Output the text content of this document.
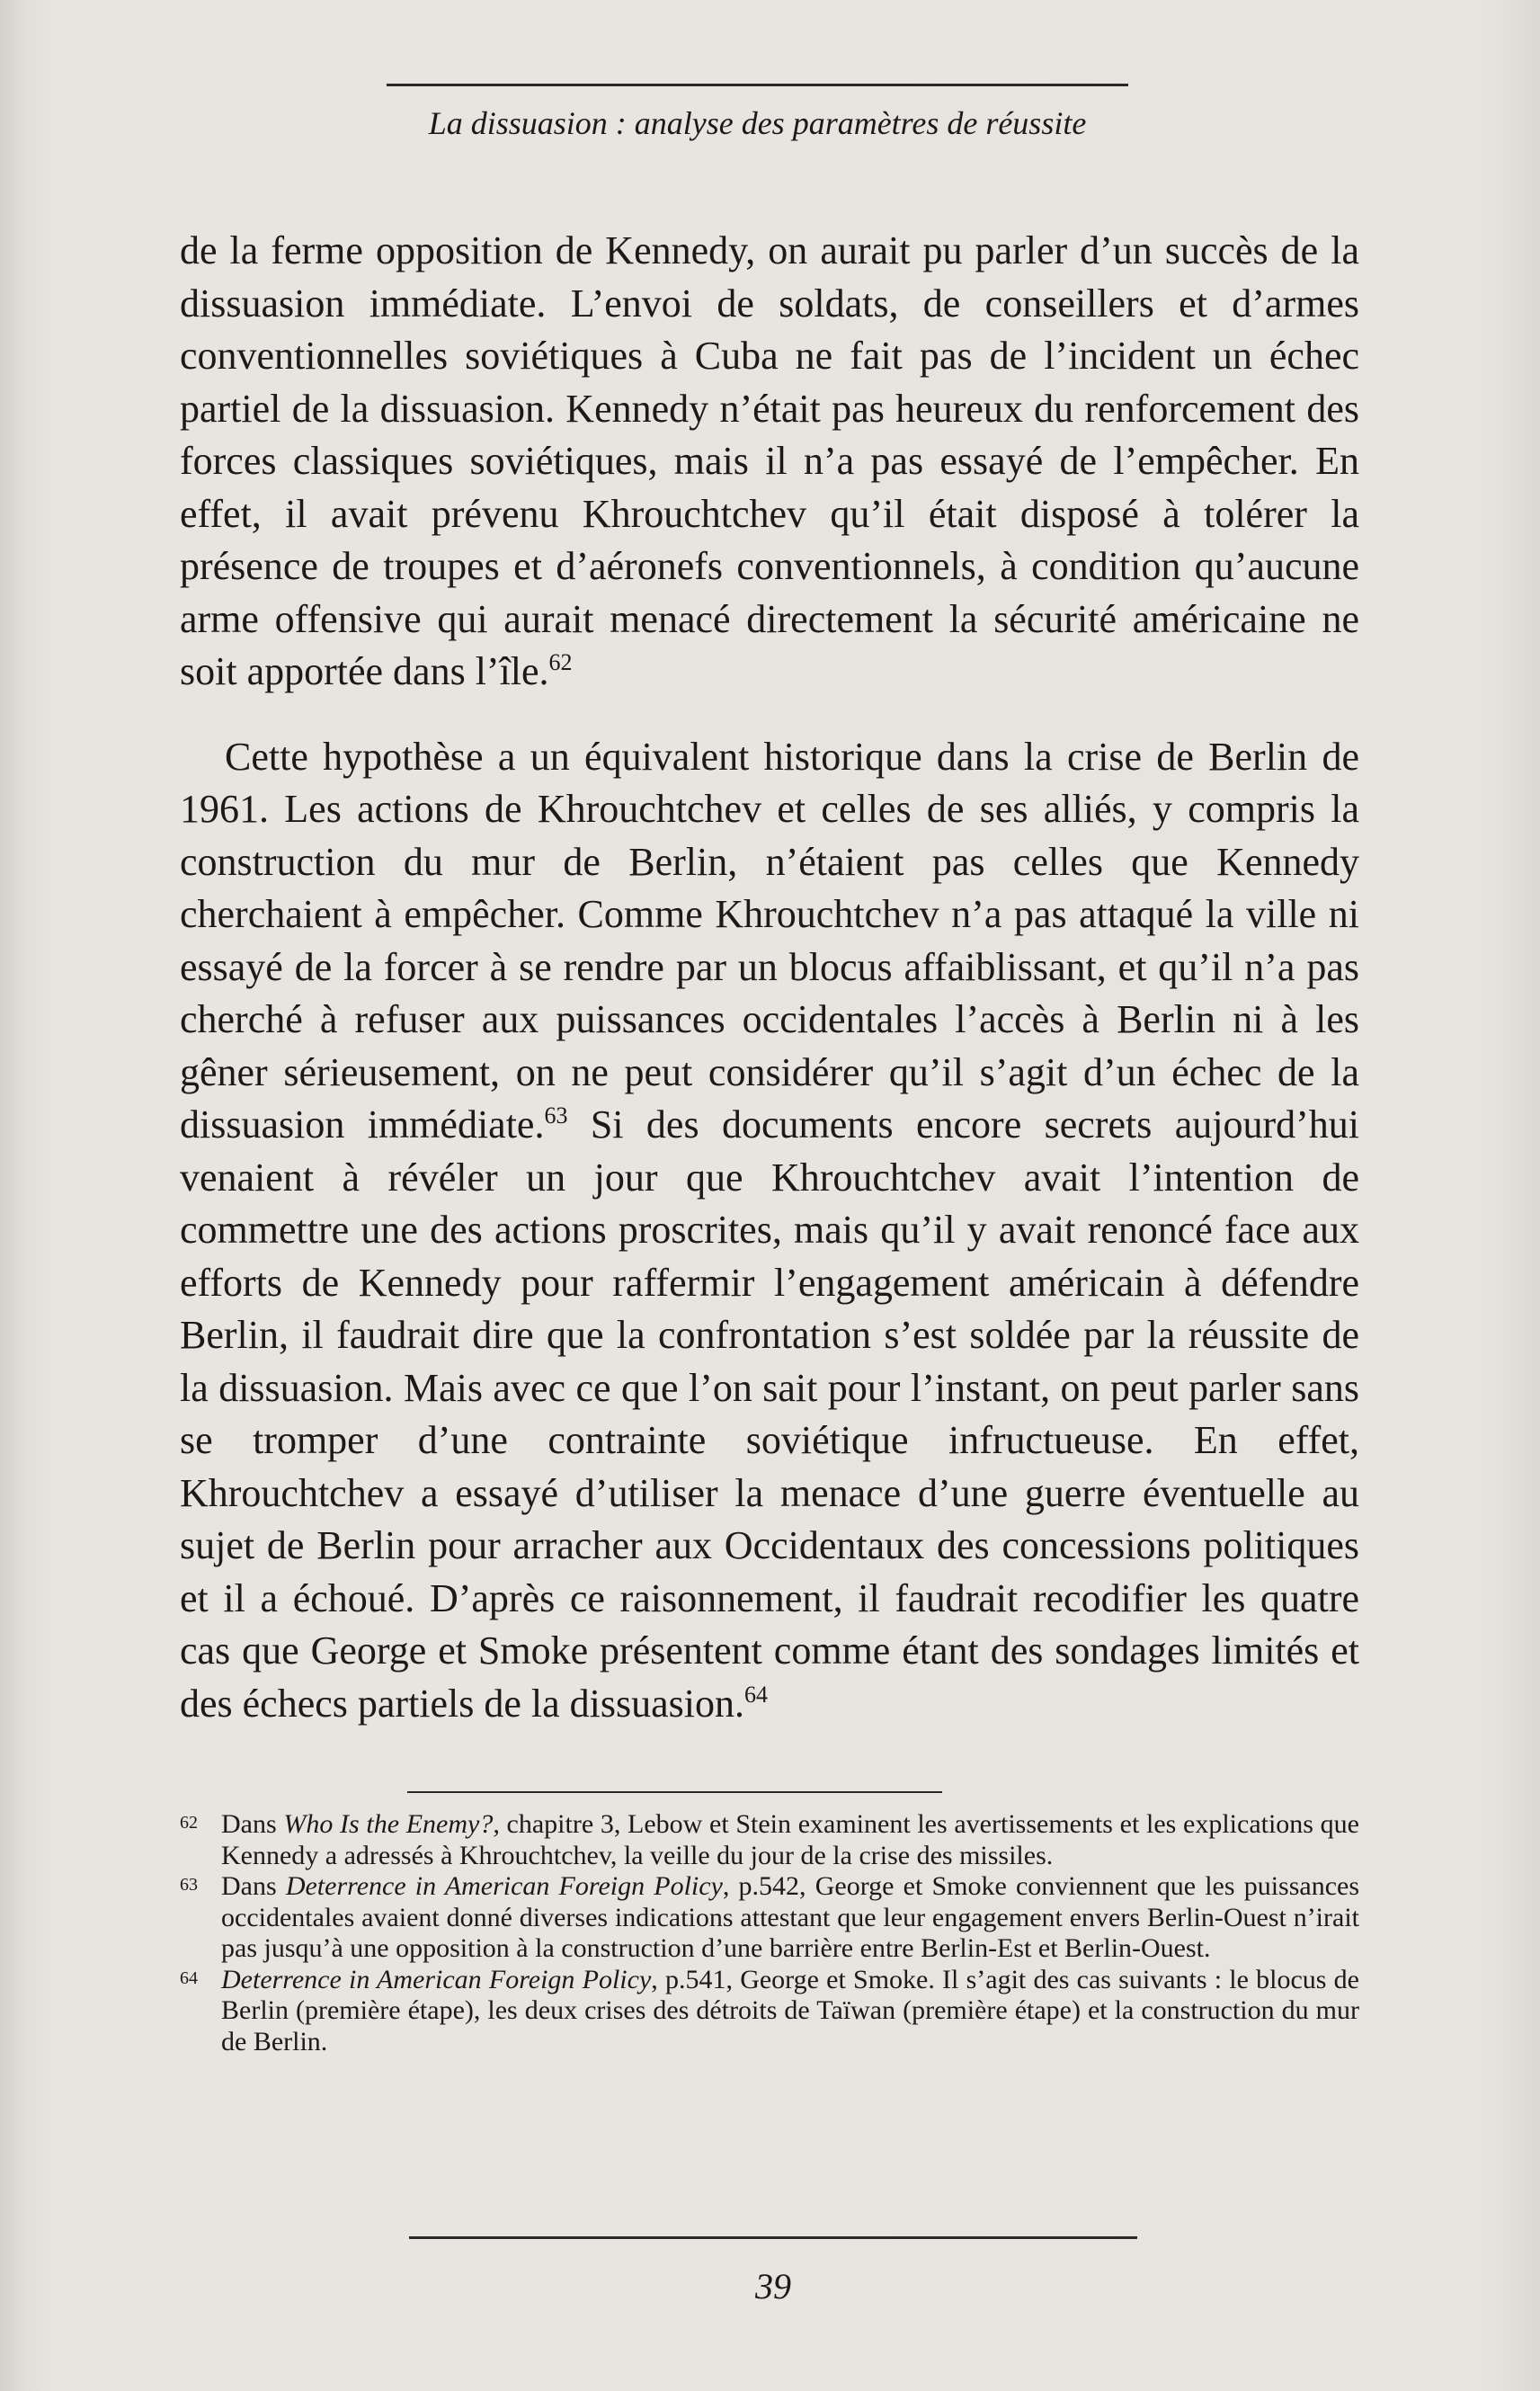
La dissuasion : analyse des paramètres de réussite

de la ferme opposition de Kennedy, on aurait pu parler d’un succès de la dissuasion immédiate. L’envoi de soldats, de conseillers et d’armes conventionnelles soviétiques à Cuba ne fait pas de l’incident un échec partiel de la dissuasion. Kennedy n’était pas heureux du renforcement des forces classiques soviétiques, mais il n’a pas essayé de l’empêcher. En effet, il avait prévenu Khrouchtchev qu’il était disposé à tolérer la présence de troupes et d’aéronefs conventionnels, à condition qu’aucune arme offensive qui aurait menacé directement la sécurité américaine ne soit apportée dans l’île.$^{62}$

Cette hypothèse a un équivalent historique dans la crise de Berlin de 1961. Les actions de Khrouchtchev et celles de ses alliés, y compris la construction du mur de Berlin, n’étaient pas celles que Kennedy cherchaient à empêcher. Comme Khrouchtchev n’a pas attaqué la ville ni essayé de la forcer à se rendre par un blocus affaiblissant, et qu’il n’a pas cherché à refuser aux puissances occidentales l’accès à Berlin ni à les gêner sérieusement, on ne peut considérer qu’il s’agit d’un échec de la dissuasion immédiate.$^{63}$ Si des documents encore secrets aujourd’hui venaient à révéler un jour que Khrouchtchev avait l’intention de commettre une des actions proscrites, mais qu’il y avait renoncé face aux efforts de Kennedy pour raffermir l’engagement américain à défendre Berlin, il faudrait dire que la confrontation s’est soldée par la réussite de la dissuasion. Mais avec ce que l’on sait pour l’instant, on peut parler sans se tromper d’une contrainte soviétique infructueuse. En effet, Khrouchtchev a essayé d’utiliser la menace d’une guerre éventuelle au sujet de Berlin pour arracher aux Occidentaux des concessions politiques et il a échoué. D’après ce raisonnement, il faudrait recodifier les quatre cas que George et Smoke présentent comme étant des sondages limités et des échecs partiels de la dissuasion.$^{64}$

62 Dans Who Is the Enemy?, chapitre 3, Lebow et Stein examinent les avertissements et les explications que Kennedy a adressés à Khrouchtchev, la veille du jour de la crise des missiles.
63 Dans Deterrence in American Foreign Policy, p.542, George et Smoke conviennent que les puissances occidentales avaient donné diverses indications attestant que leur engagement envers Berlin-Ouest n’irait pas jusqu’à une opposition à la construction d’une barrière entre Berlin-Est et Berlin-Ouest.
64 Deterrence in American Foreign Policy, p.541, George et Smoke. Il s’agit des cas suivants : le blocus de Berlin (première étape), les deux crises des détroits de Taïwan (première étape) et la construction du mur de Berlin.
39
